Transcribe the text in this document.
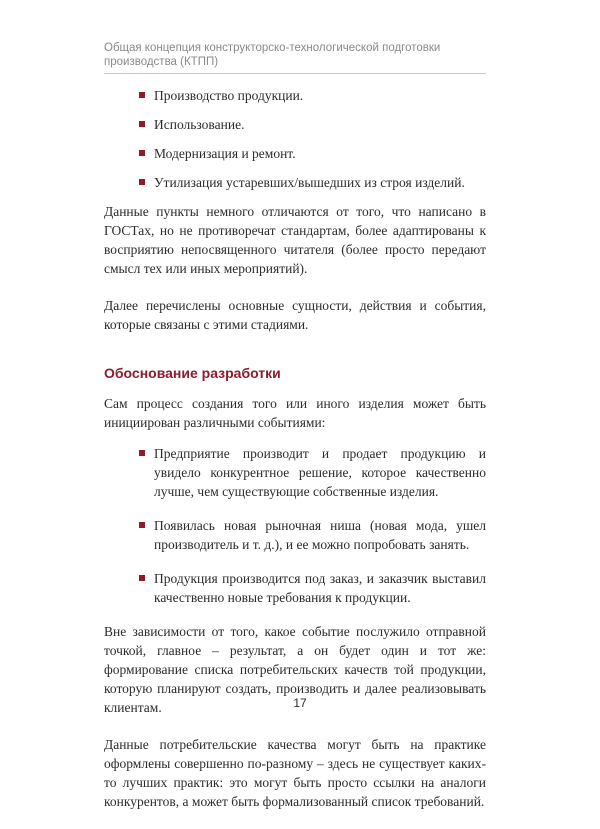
Общая концепция конструкторско-технологической подготовки производства (КТПП)
Производство продукции.
Использование.
Модернизация и ремонт.
Утилизация устаревших/вышедших из строя изделий.

Данные пункты немного отличаются от того, что написано в ГОСТах, но не противоречат стандартам, более адаптированы к восприятию непосвященного читателя (более просто передают смысл тех или иных мероприятий).

Далее перечислены основные сущности, действия и события, которые связаны с этими стадиями.

Обоснование разработки

Сам процесс создания того или иного изделия может быть инициирован различными событиями:

Предприятие производит и продает продукцию и увидело конкурентное решение, которое качественно лучше, чем существующие собственные изделия.
Появилась новая рыночная ниша (новая мода, ушел производитель и т. д.), и ее можно попробовать занять.
Продукция производится под заказ, и заказчик выставил качественно новые требования к продукции.

Вне зависимости от того, какое событие послужило отправной точкой, главное – результат, а он будет один и тот же: формирование списка потребительских качеств той продукции, которую планируют создать, производить и далее реализовывать клиентам.

Данные потребительские качества могут быть на практике оформлены совершенно по-разному – здесь не существует каких-то лучших практик: это могут быть просто ссылки на аналоги конкурентов, а может быть формализованный список требований.

17
